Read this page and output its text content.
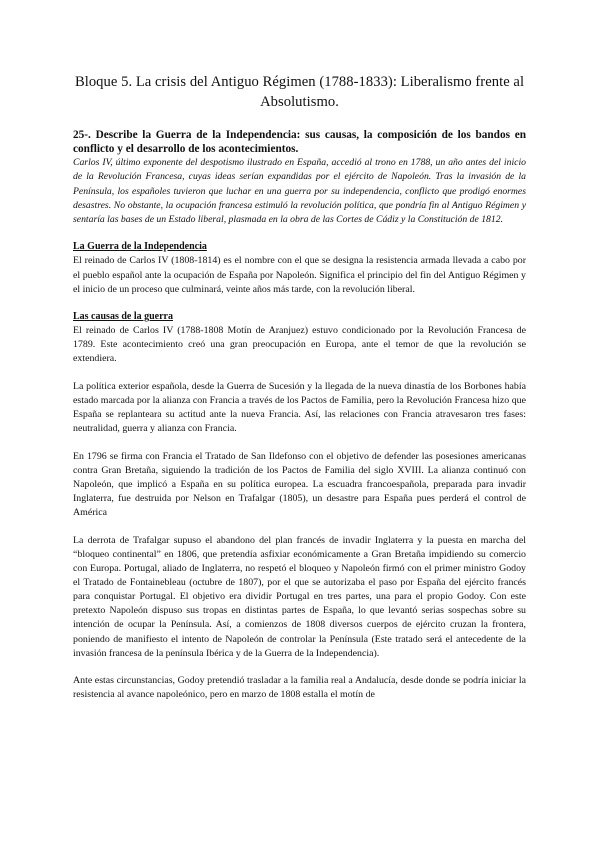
Bloque 5. La crisis del Antiguo Régimen (1788-1833): Liberalismo frente al Absolutismo.
25-. Describe la Guerra de la Independencia: sus causas, la composición de los bandos en conflicto y el desarrollo de los acontecimientos.

Carlos IV, último exponente del despotismo ilustrado en España, accedió al trono en 1788, un año antes del inicio de la Revolución Francesa, cuyas ideas serían expandidas por el ejército de Napoleón. Tras la invasión de la Península, los españoles tuvieron que luchar en una guerra por su independencia, conflicto que prodigó enormes desastres. No obstante, la ocupación francesa estimuló la revolución política, que pondría fin al Antiguo Régimen y sentaría las bases de un Estado liberal, plasmada en la obra de las Cortes de Cádiz y la Constitución de 1812.

La Guerra de la Independencia

El reinado de Carlos IV (1808-1814) es el nombre con el que se designa la resistencia armada llevada a cabo por el pueblo español ante la ocupación de España por Napoleón. Significa el principio del fin del Antiguo Régimen y el inicio de un proceso que culminará, veinte años más tarde, con la revolución liberal.

Las causas de la guerra

El reinado de Carlos IV (1788-1808 Motín de Aranjuez) estuvo condicionado por la Revolución Francesa de 1789. Este acontecimiento creó una gran preocupación en Europa, ante el temor de que la revolución se extendiera.

La política exterior española, desde la Guerra de Sucesión y la llegada de la nueva dinastía de los Borbones había estado marcada por la alianza con Francia a través de los Pactos de Familia, pero la Revolución Francesa hizo que España se replanteara su actitud ante la nueva Francia. Así, las relaciones con Francia atravesaron tres fases: neutralidad, guerra y alianza con Francia.

En 1796 se firma con Francia el Tratado de San Ildefonso con el objetivo de defender las posesiones americanas contra Gran Bretaña, siguiendo la tradición de los Pactos de Familia del siglo XVIII. La alianza continuó con Napoleón, que implicó a España en su política europea. La escuadra francoespañola, preparada para invadir Inglaterra, fue destruida por Nelson en Trafalgar (1805), un desastre para España pues perderá el control de América

La derrota de Trafalgar supuso el abandono del plan francés de invadir Inglaterra y la puesta en marcha del “bloqueo continental” en 1806, que pretendía asfixiar económicamente a Gran Bretaña impidiendo su comercio con Europa. Portugal, aliado de Inglaterra, no respetó el bloqueo y Napoleón firmó con el primer ministro Godoy el Tratado de Fontainebleau (octubre de 1807), por el que se autorizaba el paso por España del ejército francés para conquistar Portugal. El objetivo era dividir Portugal en tres partes, una para el propio Godoy. Con este pretexto Napoleón dispuso sus tropas en distintas partes de España, lo que levantó serias sospechas sobre su intención de ocupar la Península. Así, a comienzos de 1808 diversos cuerpos de ejército cruzan la frontera, poniendo de manifiesto el intento de Napoleón de controlar la Península (Este tratado será el antecedente de la invasión francesa de la península Ibérica y de la Guerra de la Independencia).

Ante estas circunstancias, Godoy pretendió trasladar a la familia real a Andalucía, desde donde se podría iniciar la resistencia al avance napoleónico, pero en marzo de 1808 estalla el motín de
